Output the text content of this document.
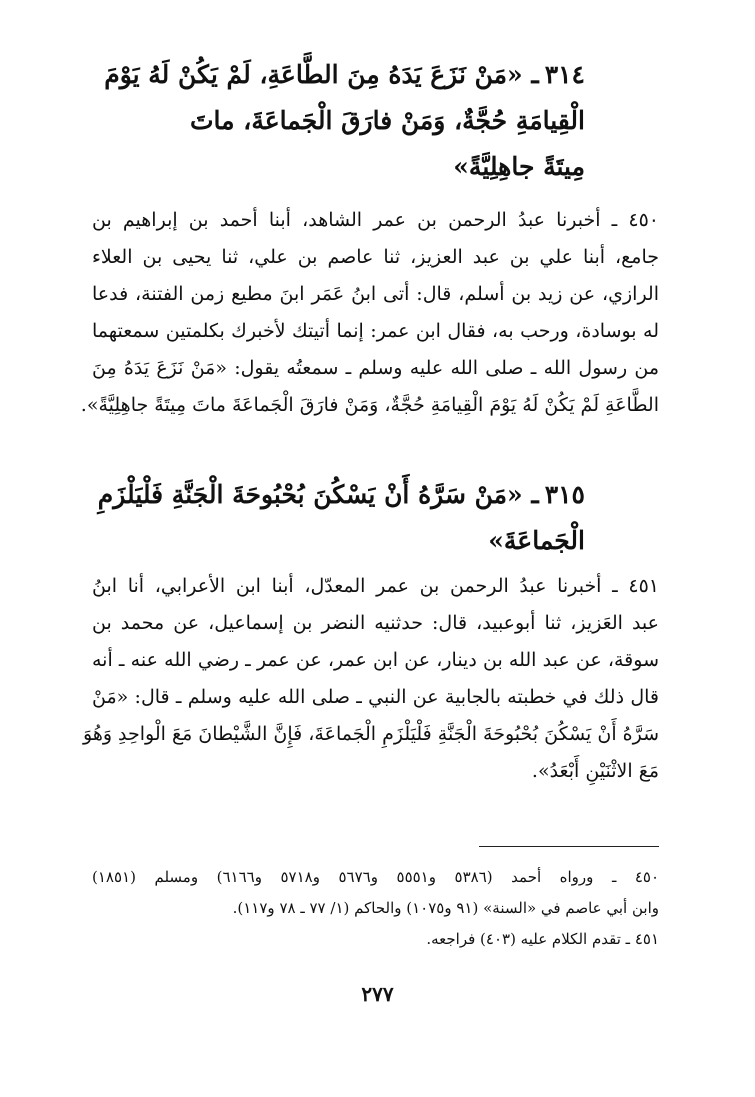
٣١٤ـ «مَنْ نَزَعَ يَدَهُ مِنَ الطَّاعَةِ، لَمْ يَكُنْ لَهُ يَوْمَ
الْقِيامَةِ حُجَّةٌ، وَمَنْ فارَقَ الْجَماعَةَ، ماتَ
مِيتَةً جاهِلِيَّةً»
٤٥٠ ـ أخبرنا عبدُ الرحمن بن عمر الشاهد، أبنا أحمد بن إبراهيم بن
جامع، أبنا علي بن عبد العزيز، ثنا عاصم بن علي، ثنا يحيى بن العلاء
الرازي، عن زيد بن أسلم، قال: أتى ابنُ عَمَر ابنَ مطيع زمن الفتنة، فدعا
له بوسادة، ورحب به، فقال ابن عمر: إنما أتيتك لأخبرك بكلمتين سمعتهما
من رسول الله ـ صلى الله عليه وسلم ـ سمعتُه يقول: «مَنْ نَزَعَ يَدَهُ مِنَ
الطَّاعَةِ لَمْ يَكُنْ لَهُ يَوْمَ الْقِيامَةِ حُجَّةٌ، وَمَنْ فارَقَ الْجَماعَةَ ماتَ مِيتَةً جاهِلِيَّةً».
٣١٥ـ «مَنْ سَرَّهُ أَنْ يَسْكُنَ بُحْبُوحَةَ الْجَنَّةِ فَلْيَلْزَمِ
الْجَماعَةَ»
٤٥١ ـ أخبرنا عبدُ الرحمن بن عمر المعدّل، أبنا ابن الأعرابي، أنا ابنُ
عبد العَزيز، ثنا أبوعبيد، قال: حدثنيه النضر بن إسماعيل، عن محمد بن
سوقة، عن عبد الله بن دينار، عن ابن عمر، عن عمر ـ رضي الله عنه ـ أنه
قال ذلك في خطبته بالجابية عن النبي ـ صلى الله عليه وسلم ـ قال: «مَنْ
سَرَّهُ أَنْ يَسْكُنَ بُحْبُوحَةَ الْجَنَّةِ فَلْيَلْزَمِ الْجَماعَةَ، فَإِنَّ الشَّيْطانَ مَعَ الْواحِدِ وَهُوَ
مَعَ الاثْنَيْنِ أَبْعَدُ».
٤٥٠ ـ ورواه أحمد (٥٣٨٦ و٥٥٥١ و٥٦٧٦ و٥٧١٨ و٦١٦٦) ومسلم (١٨٥١)
وابن أبي عاصم في «السنة» (٩١ و١٠٧٥) والحاكم (١/ ٧٧ ـ ٧٨ و١١٧).
٤٥١ ـ تقدم الكلام عليه (٤٠٣) فراجعه.
٢٧٧
